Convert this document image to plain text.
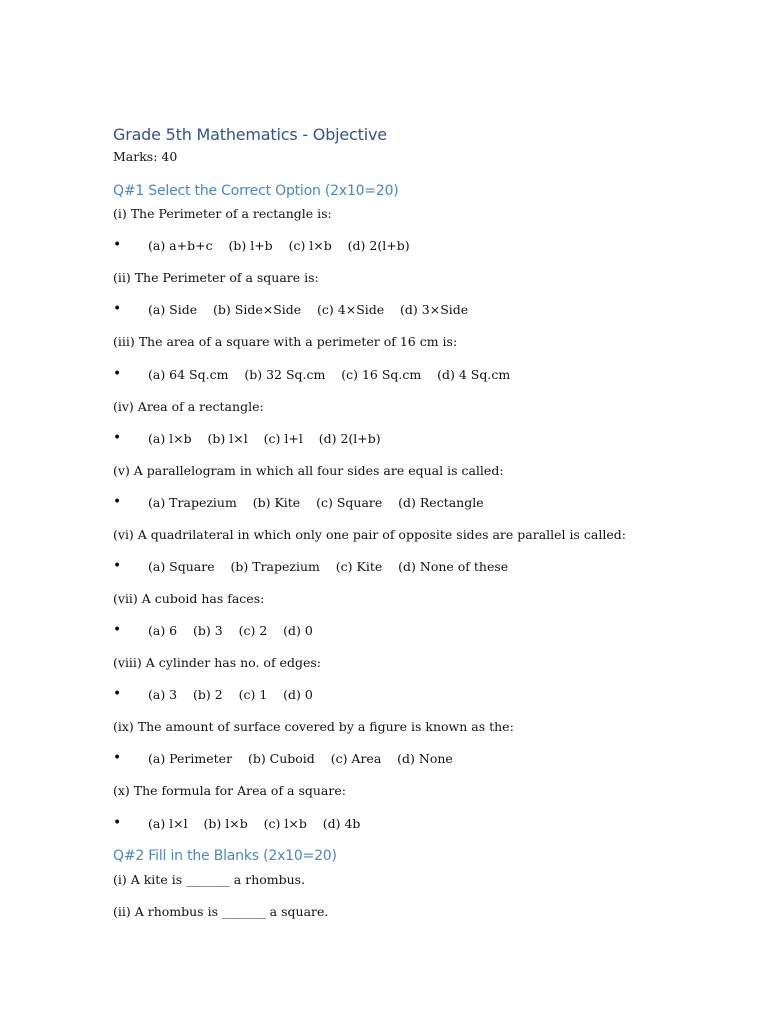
Grade 5th Mathematics - Objective
Marks: 40
Q#1 Select the Correct Option (2x10=20)
(i) The Perimeter of a rectangle is:
• (a) a+b+c    (b) l+b    (c) l×b    (d) 2(l+b)
(ii) The Perimeter of a square is:
• (a) Side    (b) Side×Side    (c) 4×Side    (d) 3×Side
(iii) The area of a square with a perimeter of 16 cm is:
• (a) 64 Sq.cm    (b) 32 Sq.cm    (c) 16 Sq.cm    (d) 4 Sq.cm
(iv) Area of a rectangle:
• (a) l×b    (b) l×l    (c) l+l    (d) 2(l+b)
(v) A parallelogram in which all four sides are equal is called:
• (a) Trapezium    (b) Kite    (c) Square    (d) Rectangle
(vi) A quadrilateral in which only one pair of opposite sides are parallel is called:
• (a) Square    (b) Trapezium    (c) Kite    (d) None of these
(vii) A cuboid has faces:
• (a) 6    (b) 3    (c) 2    (d) 0
(viii) A cylinder has no. of edges:
• (a) 3    (b) 2    (c) 1    (d) 0
(ix) The amount of surface covered by a figure is known as the:
• (a) Perimeter    (b) Cuboid    (c) Area    (d) None
(x) The formula for Area of a square:
• (a) l×l    (b) l×b    (c) l×b    (d) 4b
Q#2 Fill in the Blanks (2x10=20)
(i) A kite is _______ a rhombus.
(ii) A rhombus is _______ a square.
